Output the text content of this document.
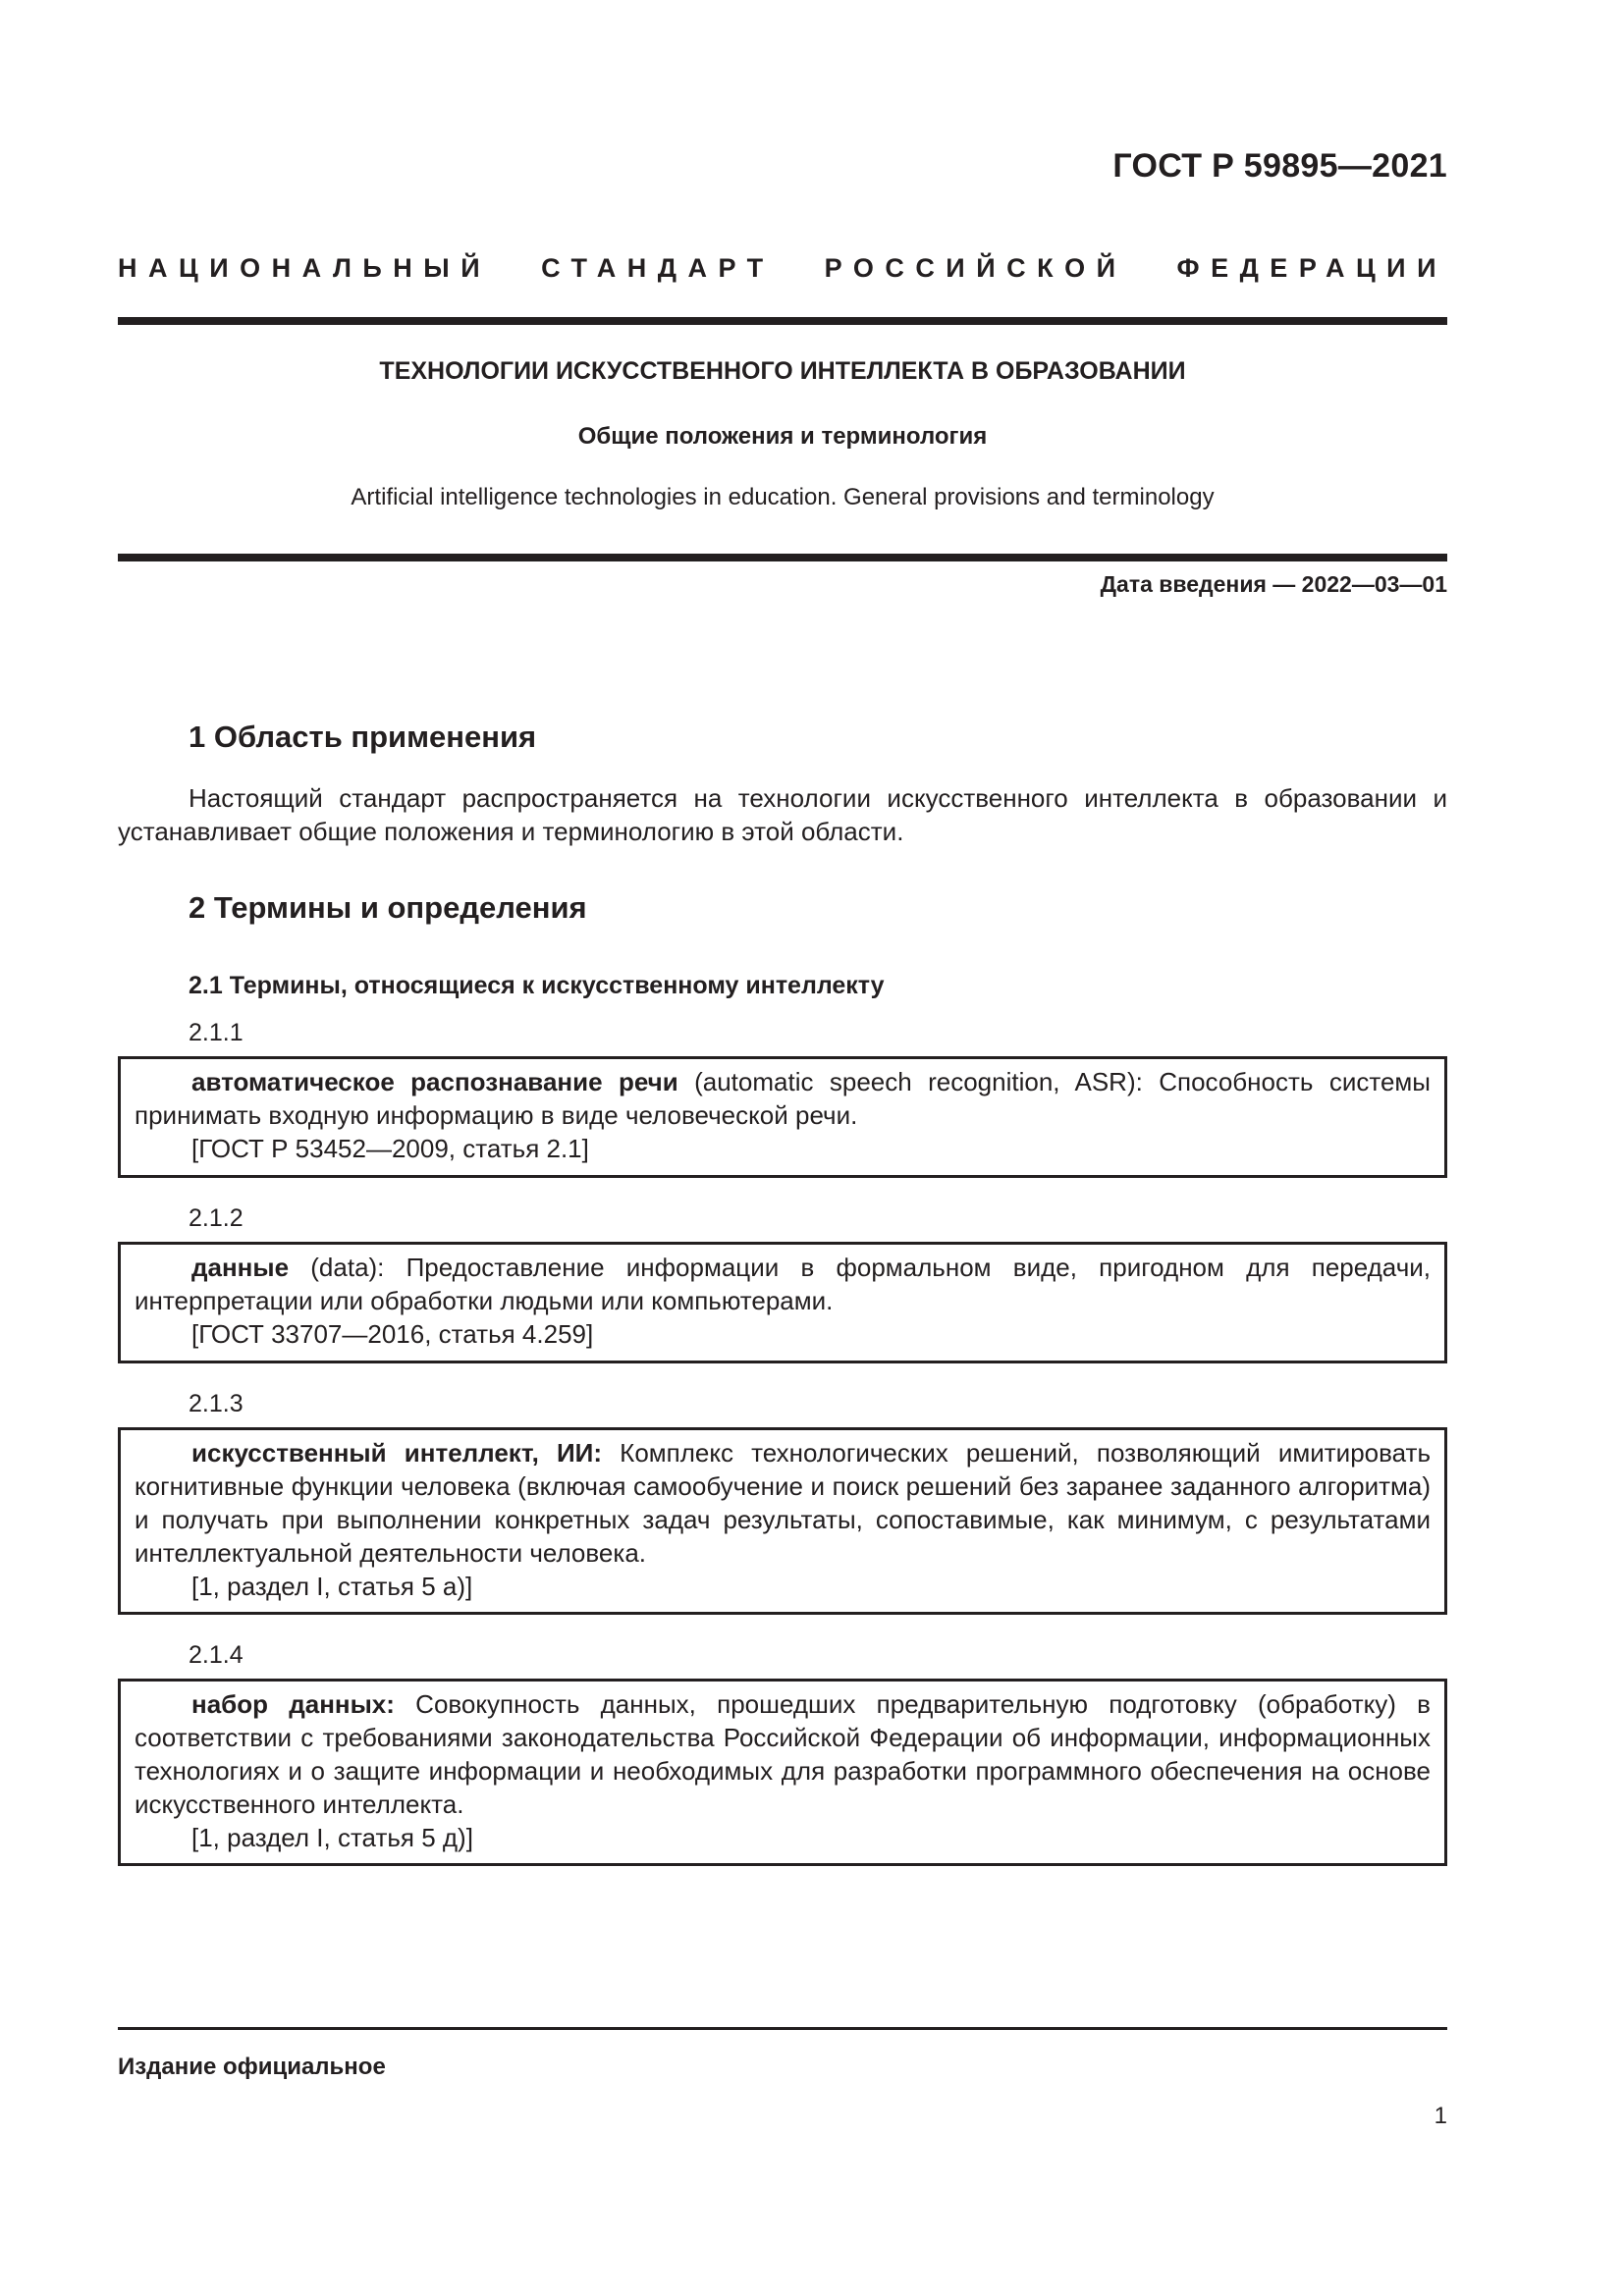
ГОСТ Р 59895—2021
НАЦИОНАЛЬНЫЙ СТАНДАРТ РОССИЙСКОЙ ФЕДЕРАЦИИ
ТЕХНОЛОГИИ ИСКУССТВЕННОГО ИНТЕЛЛЕКТА В ОБРАЗОВАНИИ
Общие положения и терминология
Artificial intelligence technologies in education. General provisions and terminology
Дата введения — 2022—03—01
1 Область применения
Настоящий стандарт распространяется на технологии искусственного интеллекта в образовании и устанавливает общие положения и терминологию в этой области.
2 Термины и определения
2.1 Термины, относящиеся к искусственному интеллекту
2.1.1

автоматическое распознавание речи (automatic speech recognition, ASR): Способность системы принимать входную информацию в виде человеческой речи.

[ГОСТ Р 53452—2009, статья 2.1]

2.1.2

данные (data): Предоставление информации в формальном виде, пригодном для передачи, интерпретации или обработки людьми или компьютерами.

[ГОСТ 33707—2016, статья 4.259]

2.1.3

искусственный интеллект, ИИ: Комплекс технологических решений, позволяющий имитировать когнитивные функции человека (включая самообучение и поиск решений без заранее заданного алгоритма) и получать при выполнении конкретных задач результаты, сопоставимые, как минимум, с результатами интеллектуальной деятельности человека.

[1, раздел I, статья 5 а)]

2.1.4

набор данных: Совокупность данных, прошедших предварительную подготовку (обработку) в соответствии с требованиями законодательства Российской Федерации об информации, информационных технологиях и о защите информации и необходимых для разработки программного обеспечения на основе искусственного интеллекта.

[1, раздел I, статья 5 д)]

Издание официальное
1
